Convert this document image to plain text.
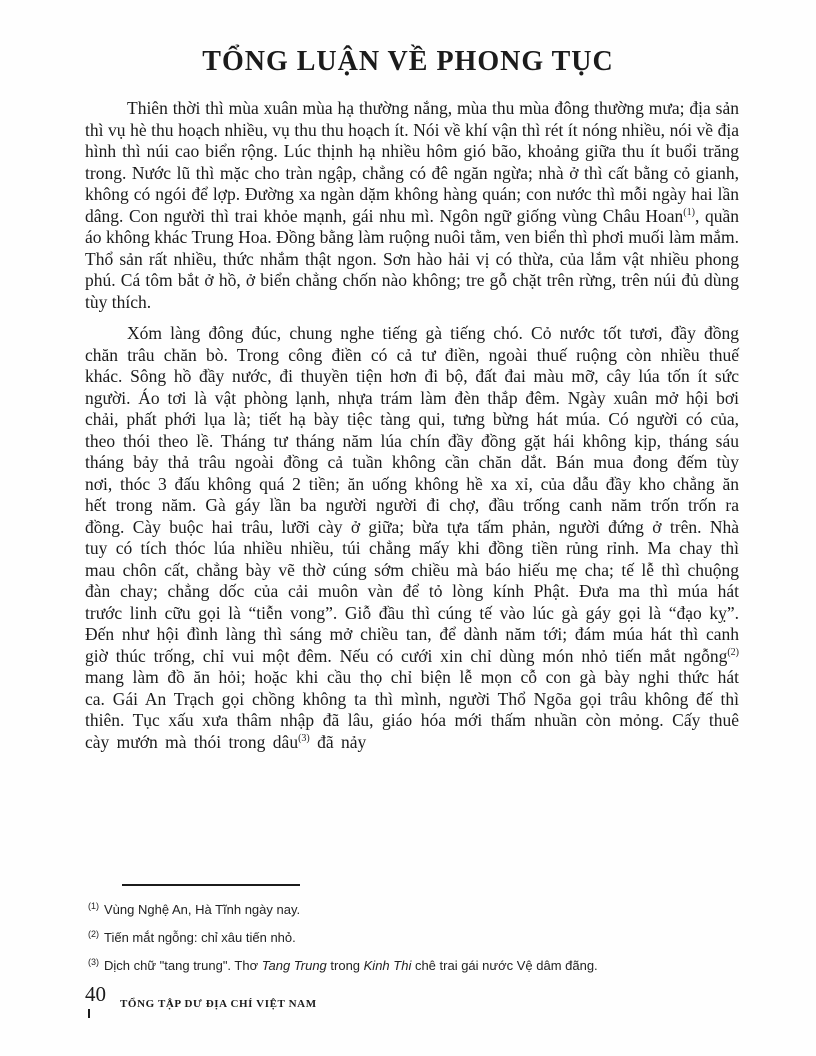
TỔNG LUẬN VỀ PHONG TỤC

Thiên thời thì mùa xuân mùa hạ thường nắng, mùa thu mùa đông thường mưa; địa sản thì vụ hè thu hoạch nhiều, vụ thu thu hoạch ít. Nói về khí vận thì rét ít nóng nhiều, nói về địa hình thì núi cao biển rộng. Lúc thịnh hạ nhiều hôm gió bão, khoảng giữa thu ít buổi trăng trong. Nước lũ thì mặc cho tràn ngập, chẳng có đê ngăn ngừa; nhà ở thì cất bằng cỏ gianh, không có ngói để lợp. Đường xa ngàn dặm không hàng quán; con nước thì mỗi ngày hai lần dâng. Con người thì trai khỏe mạnh, gái nhu mì. Ngôn ngữ giống vùng Châu Hoan$^{(1)}$, quần áo không khác Trung Hoa. Đồng bằng làm ruộng nuôi tằm, ven biển thì phơi muối làm mắm. Thổ sản rất nhiều, thức nhắm thật ngon. Sơn hào hải vị có thừa, của lắm vật nhiều phong phú. Cá tôm bắt ở hồ, ở biển chẳng chốn nào không; tre gỗ chặt trên rừng, trên núi đủ dùng tùy thích.

Xóm làng đông đúc, chung nghe tiếng gà tiếng chó. Cỏ nước tốt tươi, đầy đồng chăn trâu chăn bò. Trong công điền có cả tư điền, ngoài thuế ruộng còn nhiều thuế khác. Sông hồ đầy nước, đi thuyền tiện hơn đi bộ, đất đai màu mỡ, cây lúa tốn ít sức người. Áo tơi là vật phòng lạnh, nhựa trám làm đèn thắp đêm. Ngày xuân mở hội bơi chải, phất phới lụa là; tiết hạ bày tiệc tàng qui, tưng bừng hát múa. Có người có của, theo thói theo lề. Tháng tư tháng năm lúa chín đầy đồng gặt hái không kịp, tháng sáu tháng bảy thả trâu ngoài đồng cả tuần không cần chăn dắt. Bán mua đong đếm tùy nơi, thóc 3 đấu không quá 2 tiền; ăn uống không hề xa xỉ, của dẫu đầy kho chẳng ăn hết trong năm. Gà gáy lần ba người người đi chợ, đầu trống canh năm trốn trốn ra đồng. Cày buộc hai trâu, lưỡi cày ở giữa; bừa tựa tấm phản, người đứng ở trên. Nhà tuy có tích thóc lúa nhiều nhiều, túi chẳng mấy khi đồng tiền rủng rỉnh. Ma chay thì mau chôn cất, chẳng bày vẽ thờ cúng sớm chiều mà báo hiếu mẹ cha; tế lễ thì chuộng đàn chay; chẳng dốc của cải muôn vàn để tỏ lòng kính Phật. Đưa ma thì múa hát trước linh cữu gọi là “tiễn vong”. Giỗ đầu thì cúng tế vào lúc gà gáy gọi là “đạo kỵ”. Đến như hội đình làng thì sáng mở chiều tan, để dành năm tới; đám múa hát thì canh giờ thúc trống, chỉ vui một đêm. Nếu có cưới xin chỉ dùng món nhỏ tiến mắt ngỗng$^{(2)}$ mang làm đồ ăn hỏi; hoặc khi cầu thọ chỉ biện lễ mọn cỗ con gà bày nghi thức hát ca. Gái An Trạch gọi chồng không ta thì mình, người Thổ Ngõa gọi trâu không đế thì thiên. Tục xấu xưa thâm nhập đã lâu, giáo hóa mới thấm nhuần còn mỏng. Cấy thuê cày mướn mà thói trong dâu$^{(3)}$ đã nảy

$^{(1)}$ Vùng Nghệ An, Hà Tĩnh ngày nay.

$^{(2)}$ Tiến mắt ngỗng: chỉ xâu tiến nhỏ.

$^{(3)}$ Dịch chữ "tang trung". Thơ Tang Trung trong Kinh Thi chê trai gái nước Vệ dâm đãng.

40 TỔNG TẬP DƯ ĐỊA CHÍ VIỆT NAM
